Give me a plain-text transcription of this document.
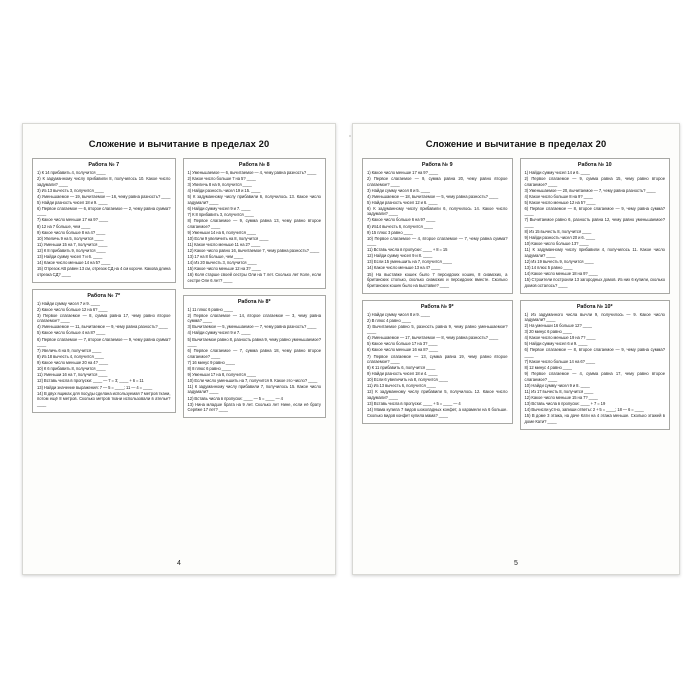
Сложение и вычитание в пределах 20
Работа № 7

1) К 14 прибавить 4, получится ____

2) К задуманному числу прибавили 8, получилось 10. Какое число задумали? ____

3) Из 13 вычесть 3, получится ____

4) Уменьшаемое — 19, вычитаемое — 16, чему равна разность? ____

5) Найди разность чисел 18 и 9. ____

6) Первое слагаемое — 6, второе слагаемое — 2, чему равна сумма? ____

7) Какое число меньше 17 на 9? ____

8) 12 на 7 больше, чем ____

9) Какое число больше 8 на 4? ____

10) Увеличь 9 на 5, получится ____

11) Уменьши 15 на 7, получится ____

12) К 8 прибавить 9, получится ____

13) Найди сумму чисел 7 и 6. ____

14) Какое число меньше 14 на 5? ____

15) Отрезок АВ равен 13 см, отрезок СД на 4 см короче. Какова длина отрезка СД? ____

Работа № 7*

1) Найди сумму чисел 7 и 9. ____

2) Какое число больше 12 на 6? ____

3) Первое слагаемое — 8, сумма равна 17, чему равно второе слагаемое? ____

4) Уменьшаемое — 11, вычитаемое — 9, чему равна разность? ____

5) Какое число больше 4 на 8? ____

6) Первое слагаемое — 7, второе слагаемое — 9, чему равна сумма? ____

7) Увеличь 6 на 9, получится ____

8) Из 18 вычесть 4, получится ____

9) Какое число меньше 20 на 4? ____

10) К 6 прибавить 8, получится ____

11) Уменьши 16 на 7, получится ____

12) Вставь числа в пропуски: ____ — 7 = 3; ____ + 6 = 11

13) Найди значение выражения: 7 — 5 = ____; 11 — 4 = ____

14) В двух ящиках для посуды сделана используемая 7 метров ткани, потом ещё 8 метров. Сколько метров ткани использовали в ателье? ____

Работа № 8

1) Уменьшаемое — 6, вычитаемое — 4, чему равна разность? ____

2) Какое число больше 7 на 5? ____

3) Увеличь 8 на 9, получится ____

4) Найди разность чисел 19 и 15. ____

5) К задуманному числу прибавили 6, получилось 13. Какое число задумали? ____

6) Найди сумму чисел 9 и 7. ____

7) К 8 прибавить 3, получится ____

8) Первое слагаемое — 9, сумма равна 13, чему равно второе слагаемое? ____

9) Уменьши 14 на 6, получится ____

10) Если 9 увеличить на 8, получится ____

11) Какое число меньше 11 на 2? ____

12) Какое число равно 16, вычитаемое 7, чему равна разность? ____

13) 17 на 8 больше, чем ____

14) Из 20 вычесть 3, получится ____

15) Какое число меньше 12 на 3? ____

16) Коля старше своей сестры Оли на 7 лет. Сколько лет Коле, если сестре Оле 6 лет? ____

Работа № 8*

1) 11 плюс 6 равно ____

2) Первое слагаемое — 14, второе слагаемое — 3, чему равна сумма? ____

3) Вычитаемое — 5, уменьшаемое — 7, чему равна разность? ____

4) Найди сумму чисел 9 и 7. ____

5) Вычитаемое равно 8, разность равна 9, чему равно уменьшаемое? ____

6) Первое слагаемое — 7, сумма равна 18, чему равно второе слагаемое? ____

7) 16 минус 9 равно ____

8) 8 плюс 6 равно ____

9) Уменьши 17 на 8, получится ____

10) Если число уменьшить на 7, получится 9. Какое это число? ____

11) К задуманному числу прибавили 7, получилось 15. Какое число задумали? ____

12) Вставь числа в пропуски: ____ — 5 = ____ — 4

13) Нина младше брата на 9 лет. Сколько лет Нине, если её брату Серёже 17 лет? ____

4
Сложение и вычитание в пределах 20
Работа № 9

1) Какое число меньше 17 на 9? ____

2) Первое слагаемое — 9, сумма равна 20, чему равно второе слагаемое? ____

3) Найди сумму чисел 8 и 5. ____

4) Уменьшаемое — 18, вычитаемое — 5, чему равна разность? ____

5) Найди разность чисел 12 и 6. ____

6) К задуманному числу прибавили 6, получилось 14. Какое число задумали? ____

7) Какое число больше 6 на 9? ____

8) Из14 вычесть 6, получится ____

9) 15 плюс 3 равно ____

10) Первое слагаемое — 4, второе слагаемое — 7, чему равна сумма? ____

11) Вставь числа в пропуски: ____ + 8 = 15

12) Найди сумму чисел 9 и 8. ____

13) Если 15 уменьшить на 7, получится ____

14) Какое число меньше 13 на 4? ____

15) На выставке кошек было 7 персидских кошек, 8 сиамских, а британских столько, сколько сиамских и персидских вместе. Сколько британских кошек было на выставке? ____

Работа № 9*

1) Найди сумму чисел 8 и 9. ____

2) В плюс 4 равно ____

3) Вычитаемое равно 5, разность равна 9, чему равно уменьшаемое? ____

4) Уменьшаемое — 17, вычитаемое — 8, чему равна разность? ____

5) Какое число больше 17 на 3? ____

6) Какое число меньше 16 на 8? ____

7) Первое слагаемое — 13, сумма равна 19, чему равно второе слагаемое? ____

8) К 11 прибавить 6, получится ____

9) Найди разность чисел 18 и 4. ____

10) Если 6 увеличить на 8, получится ____

11) Из 13 вычесть 6, получится ____

12) К задуманному числу прибавили 5, получилось 12. Какое число задумали? ____

13) Вставь числа в пропуски: ____ + 5 = ____ — 4

14) Мама купила 7 видов шоколадных конфет, а карамели на 6 больше. Сколько видов конфет купила мама? ____

Работа № 10

1) Найди сумму чисел 14 и 6. ____

2) Первое слагаемое — 9, сумма равна 15, чему равно второе слагаемое? ____

3) Уменьшаемое — 20, вычитаемое — 7, чему равна разность? ____

4) Какое число больше 8 на 9? ____

5) Какое число меньше 12 на 5? ____

6) Первое слагаемое — 8, второе слагаемое — 9, чему равна сумма? ____

7) Вычитаемое равно 6, разность равна 12, чему равно уменьшаемое? ____

8) Из 15 вычесть 8, получится ____

9) Найди разность чисел 20 и 6. ____

10) Какое число больше 13? ____

11) К задуманному числу прибавили 4, получилось 11. Какое число задумали? ____

12) Из 19 вычесть 9, получится ____

13) 14 плюс 5 равно ____

14) Какое число меньше 18 на 9? ____

15) Строители построили 13 загородных домов. Из них 6 купили, сколько домов осталось? ____

Работа № 10*

1) Из задуманного числа вычли 9, получилось — 9. Какое число задумали? ____

2) На уменьши 16 больше 12? ____

3) 20 минус 6 равно ____

4) Какое число меньше 19 на 7? ____

5) Найди сумму чисел 6 и 9. ____

6) Первое слагаемое — 8, второе слагаемое — 9, чему равна сумма? ____

7) Какое число больше 14 на 6? ____

8) 12 минус 4 равно ____

9) Первое слагаемое — 4, сумма равна 17, чему равно второе слагаемое? ____

10) Найди сумму чисел 9 и 8. ____

11) Из 17 вычесть 8, получится ____

12) Какое число меньше 15 на 7? ____

13) Вставь числа в пропуски: ____ + 7 = 19

14) Вычисли устно, запиши ответы: 2 + 5 = ____; 18 — 6 = ____

15) В доме 3 этажа, на даче Кати на 4 этажа меньше. Сколько этажей в доме Кати? ____

5
